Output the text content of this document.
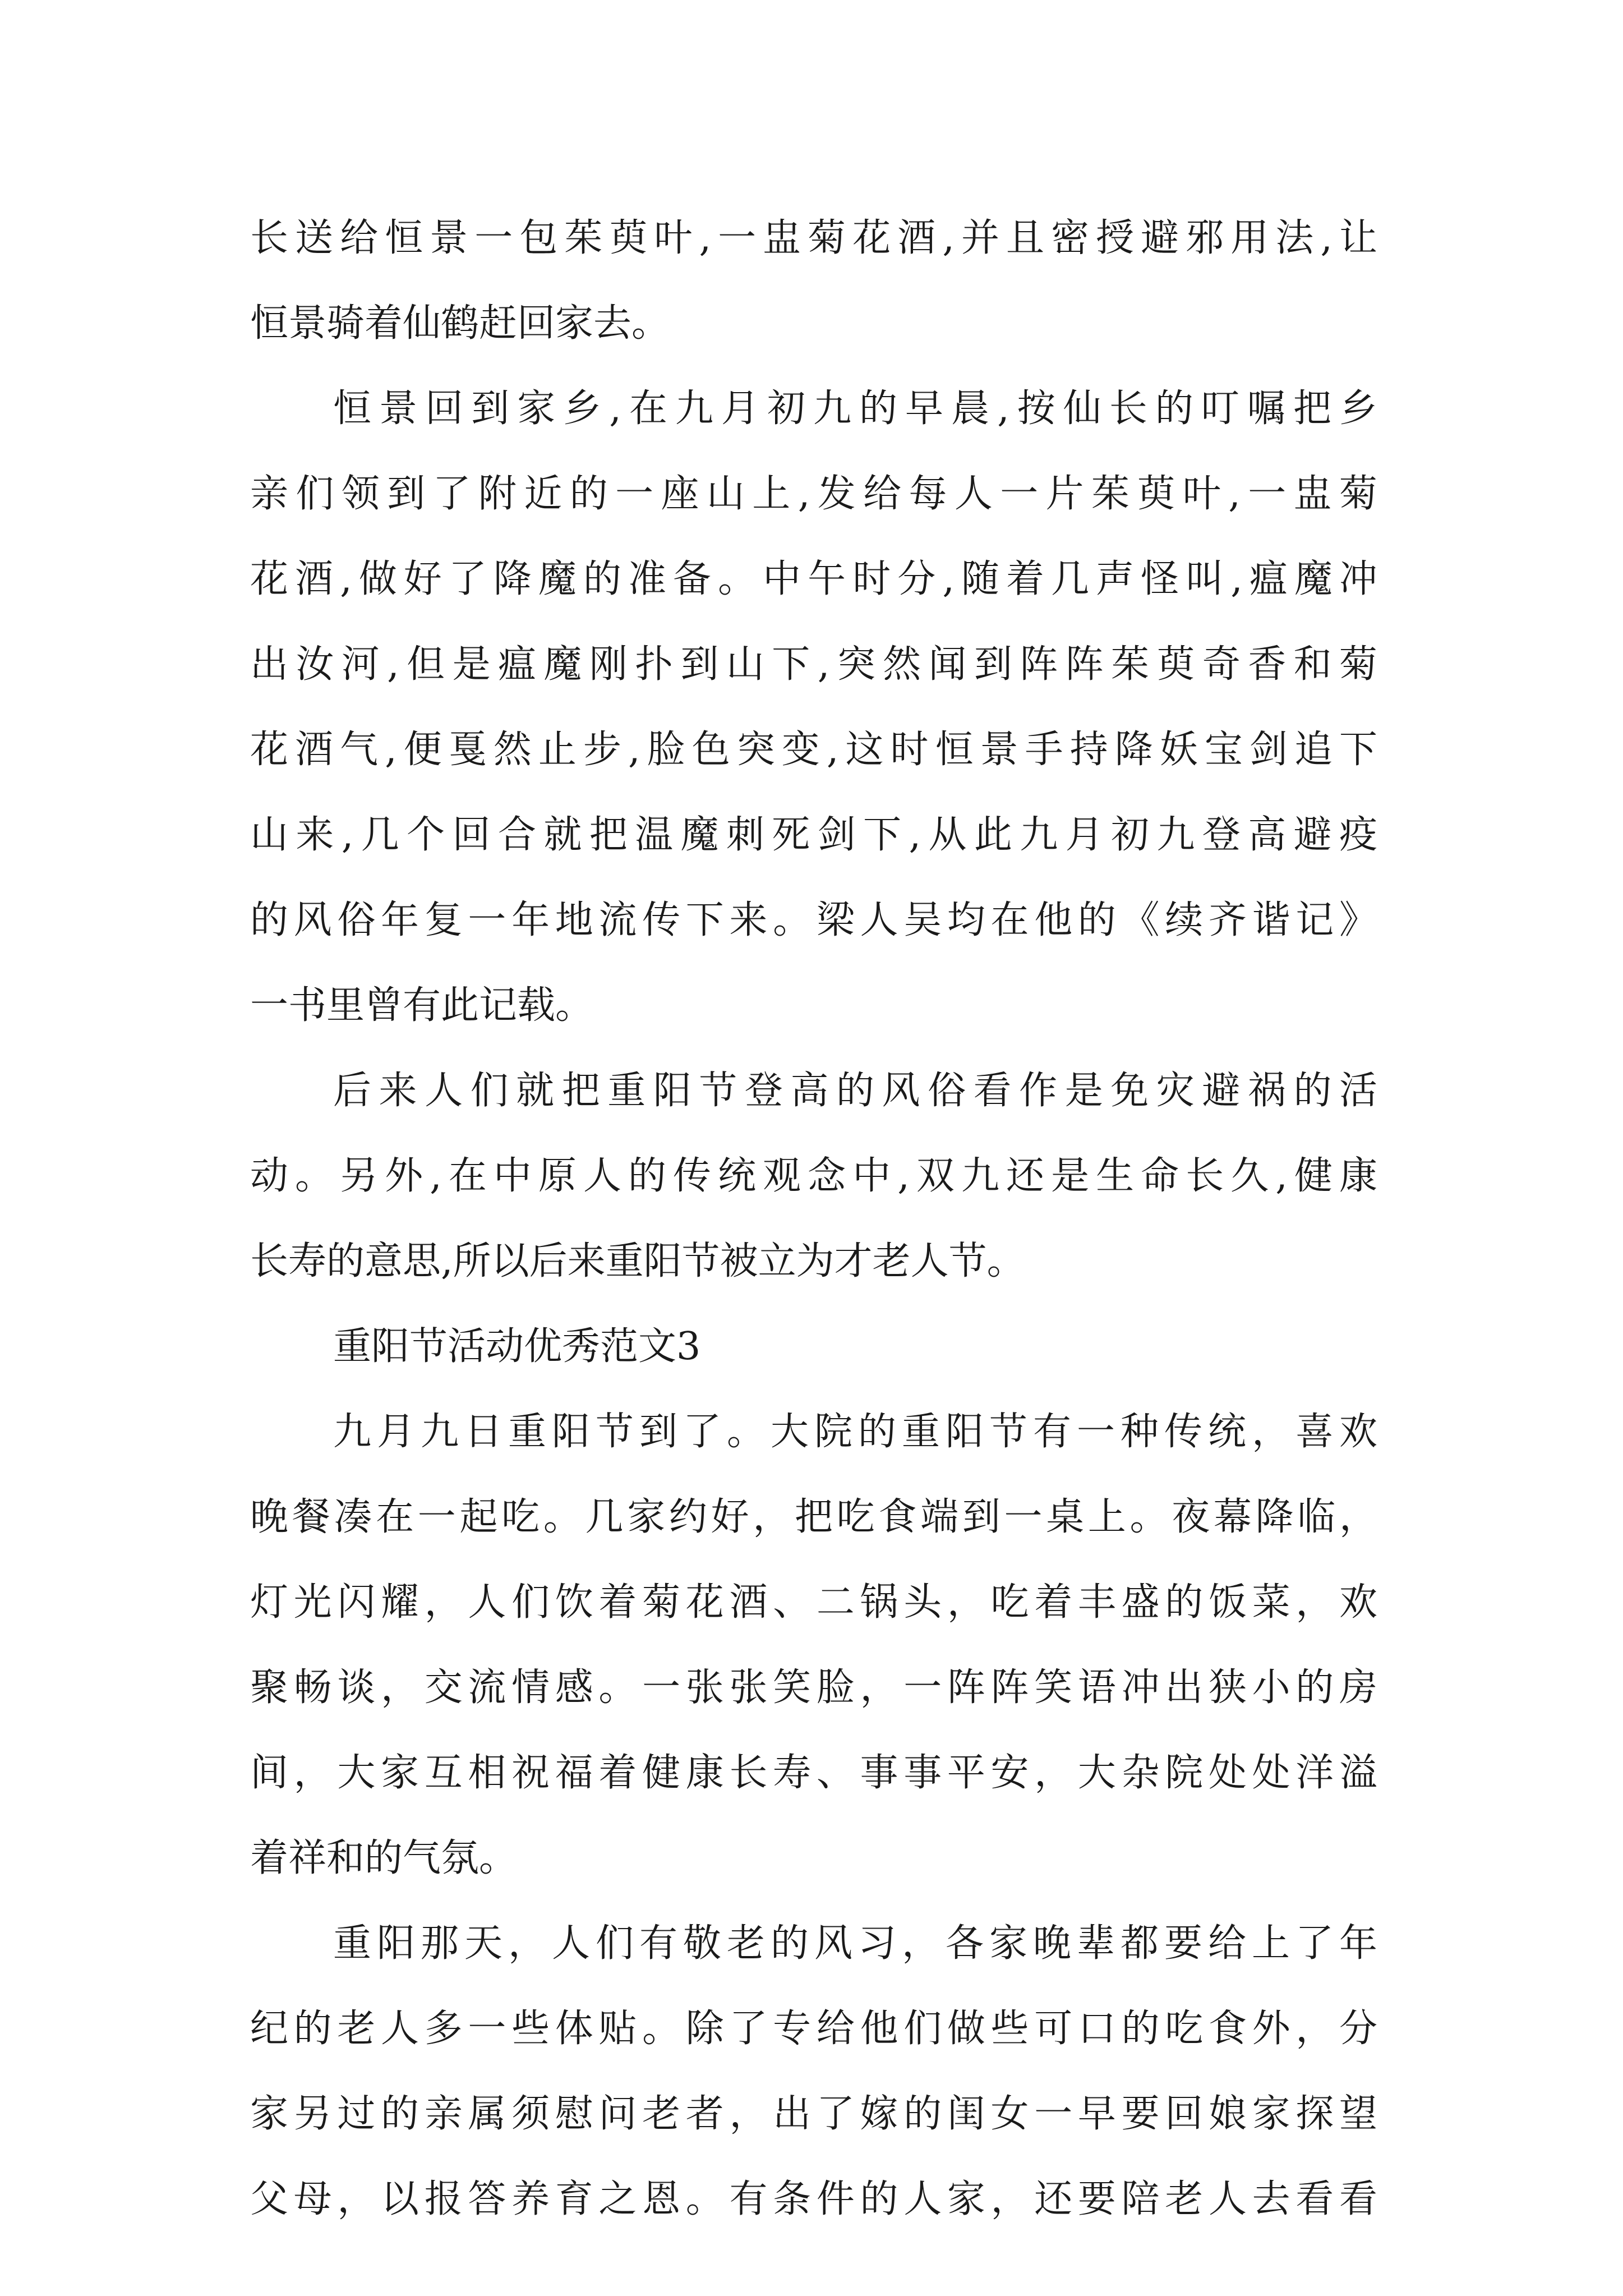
长送给恒景一包茱萸叶,一盅菊花酒,并且密授避邪用法,让
恒景骑着仙鹤赶回家去。
恒景回到家乡,在九月初九的早晨,按仙长的叮嘱把乡
亲们领到了附近的一座山上,发给每人一片茱萸叶,一盅菊
花酒,做好了降魔的准备。中午时分,随着几声怪叫,瘟魔冲
出汝河,但是瘟魔刚扑到山下,突然闻到阵阵茱萸奇香和菊
花酒气,便戛然止步,脸色突变,这时恒景手持降妖宝剑追下
山来,几个回合就把温魔刺死剑下,从此九月初九登高避疫
的风俗年复一年地流传下来。梁人吴均在他的《续齐谐记》
一书里曾有此记载。
后来人们就把重阳节登高的风俗看作是免灾避祸的活
动。另外,在中原人的传统观念中,双九还是生命长久,健康
长寿的意思,所以后来重阳节被立为才老人节。
重阳节活动优秀范文3
九月九日重阳节到了。大院的重阳节有一种传统，喜欢
晚餐凑在一起吃。几家约好，把吃食端到一桌上。夜幕降临，
灯光闪耀，人们饮着菊花酒、二锅头，吃着丰盛的饭菜，欢
聚畅谈，交流情感。一张张笑脸，一阵阵笑语冲出狭小的房
间，大家互相祝福着健康长寿、事事平安，大杂院处处洋溢
着祥和的气氛。
重阳那天，人们有敬老的风习，各家晚辈都要给上了年
纪的老人多一些体贴。除了专给他们做些可口的吃食外，分
家另过的亲属须慰问老者，出了嫁的闺女一早要回娘家探望
父母，以报答养育之恩。有条件的人家，还要陪老人去看看
